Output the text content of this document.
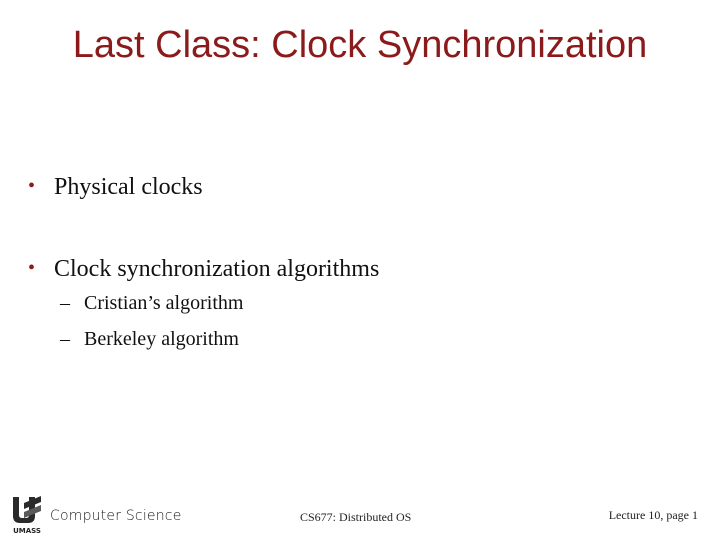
Last Class: Clock Synchronization
• Physical clocks
• Clock synchronization algorithms
– Cristian’s algorithm
– Berkeley algorithm
UMASS
Computer Science	CS677: Distributed OS	Lecture 10, page 1
